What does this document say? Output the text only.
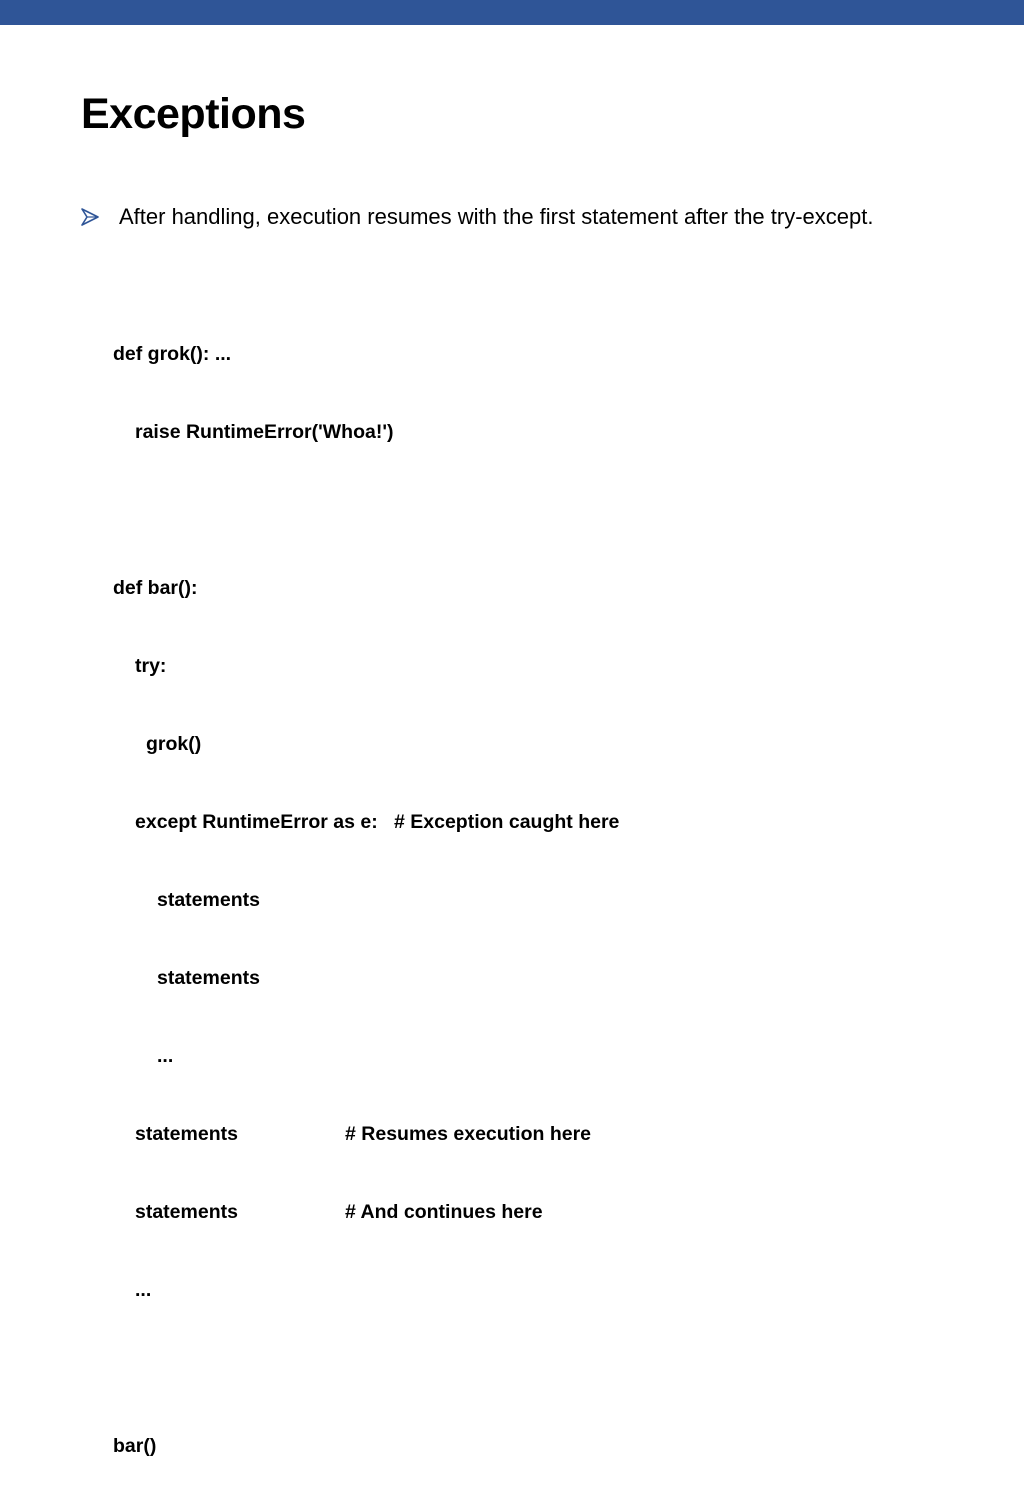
Exceptions
After handling, execution resumes with the first statement after the try-except.

def grok(): ...

raise RuntimeError('Whoa!')

def bar():

try:

grok()

except RuntimeError as e:   # Exception caught here

statements

statements

...

statements

	# Resumes execution here

statements

	# And continues here

...

bar()
